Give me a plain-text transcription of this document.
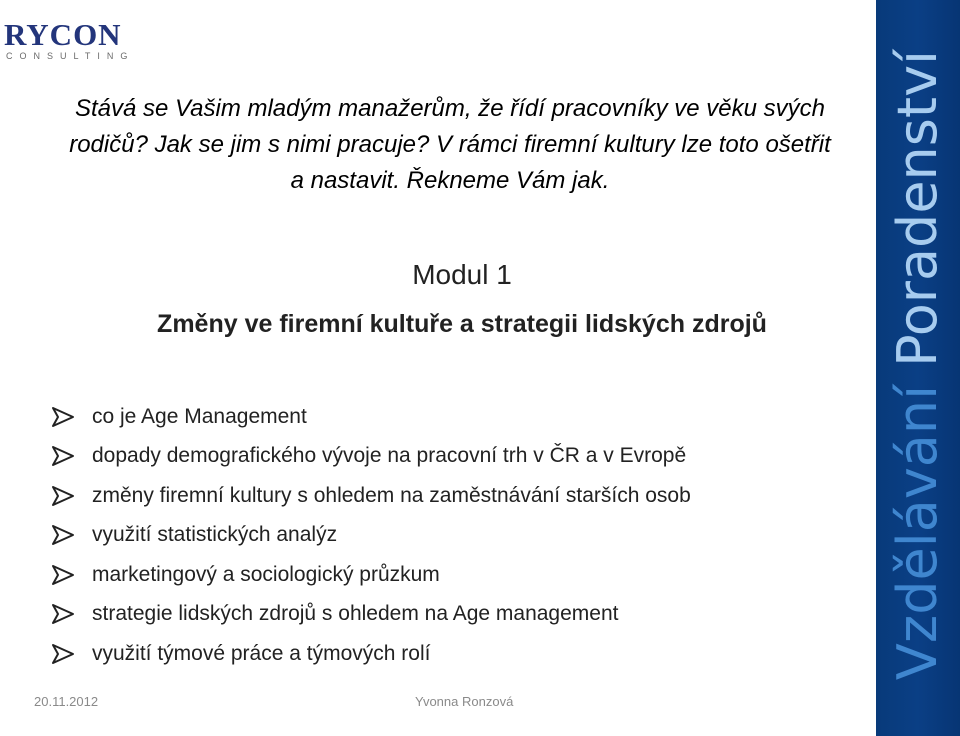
RYCON
CONSULTING
Stává se Vašim mladým manažerům, že řídí pracovníky ve věku svých
rodičů? Jak se jim s nimi pracuje? V rámci firemní kultury lze toto ošetřit
a nastavit. Řekneme Vám jak.
Modul 1
Změny ve firemní kultuře a strategii lidských zdrojů
co je Age Management
dopady demografického vývoje na pracovní trh v ČR a v Evropě
změny firemní kultury s ohledem na zaměstnávání starších osob
využití statistických analýz
marketingový a sociologický průzkum
strategie lidských zdrojů s ohledem na Age management
využití týmové práce a týmových rolí
20.11.2012	Yvonna Ronzová
VzděláváníPoradenství
